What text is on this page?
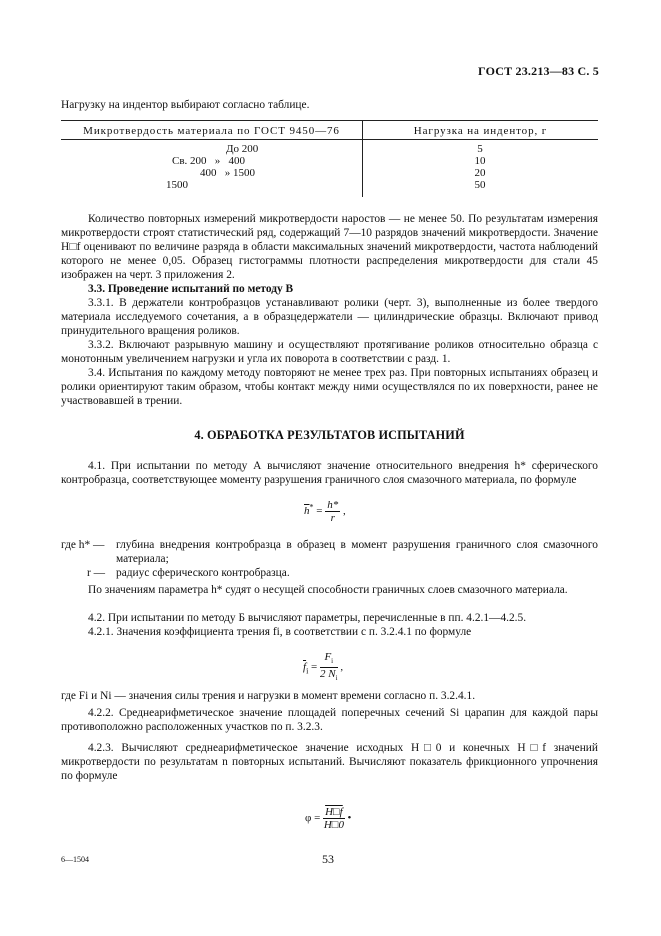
ГОСТ 23.213—83 С. 5
Нагрузку на индентор выбирают согласно таблице.
Микротвердость материала по ГОСТ 9450—76	Нагрузка на индентор, г
До 200
Св. 200   »   400
400   » 1500
1500
5
10
20
50
Количество повторных измерений микротвердости наростов — не менее 50. По результатам измерения микротвердости строят статистический ряд, содержащий 7—10 разрядов значений микротвердости. Значение H□f оценивают по величине разряда в области максимальных значений микротвердости, частота наблюдений которого не менее 0,05. Образец гистограммы плотности распределения микротвердости для стали 45 изображен на черт. 3 приложения 2.
3.3. Проведение испытаний по методу В
3.3.1. В держатели контробразцов устанавливают ролики (черт. 3), выполненные из более твердого материала исследуемого сочетания, а в образцедержатели — цилиндрические образцы. Включают привод принудительного вращения роликов.
3.3.2. Включают разрывную машину и осуществляют протягивание роликов относительно образца с монотонным увеличением нагрузки и угла их поворота в соответствии с разд. 1.
3.4. Испытания по каждому методу повторяют не менее трех раз. При повторных испытаниях образец и ролики ориентируют таким образом, чтобы контакт между ними осуществлялся по их поверхности, ранее не участвовавшей в трении.
4. ОБРАБОТКА РЕЗУЛЬТАТОВ ИСПЫТАНИЙ
4.1. При испытании по методу А вычисляют значение относительного внедрения h* сферического контробразца, соответствующее моменту разрушения граничного слоя смазочного материала, по формуле
$\overline{h}^* = \frac{h*}{r}$ ,
где h* — глубина внедрения контробразца в образец в момент разрушения граничного слоя смазочного материала;
r — радиус сферического контробразца.
По значениям параметра h* судят о несущей способности граничных слоев смазочного материала.
4.2. При испытании по методу Б вычисляют параметры, перечисленные в пп. 4.2.1—4.2.5.
4.2.1. Значения коэффициента трения fi, в соответствии с п. 3.2.4.1 по формуле
$\overline{f}_i = \frac{F_i}{2 N_i}$ ,
где Fi и Ni — значения силы трения и нагрузки в момент времени согласно п. 3.2.4.1.
4.2.2. Среднеарифметическое значение площадей поперечных сечений Si царапин для каждой пары противоположно расположенных участков по п. 3.2.3.
4.2.3. Вычисляют среднеарифметическое значение исходных H□0 и конечных H□f значений микротвердости по результатам n повторных испытаний. Вычисляют показатель фрикционного упрочнения по формуле
$\varphi = \frac{H□f}{H□0}$ •
6—1504	53
